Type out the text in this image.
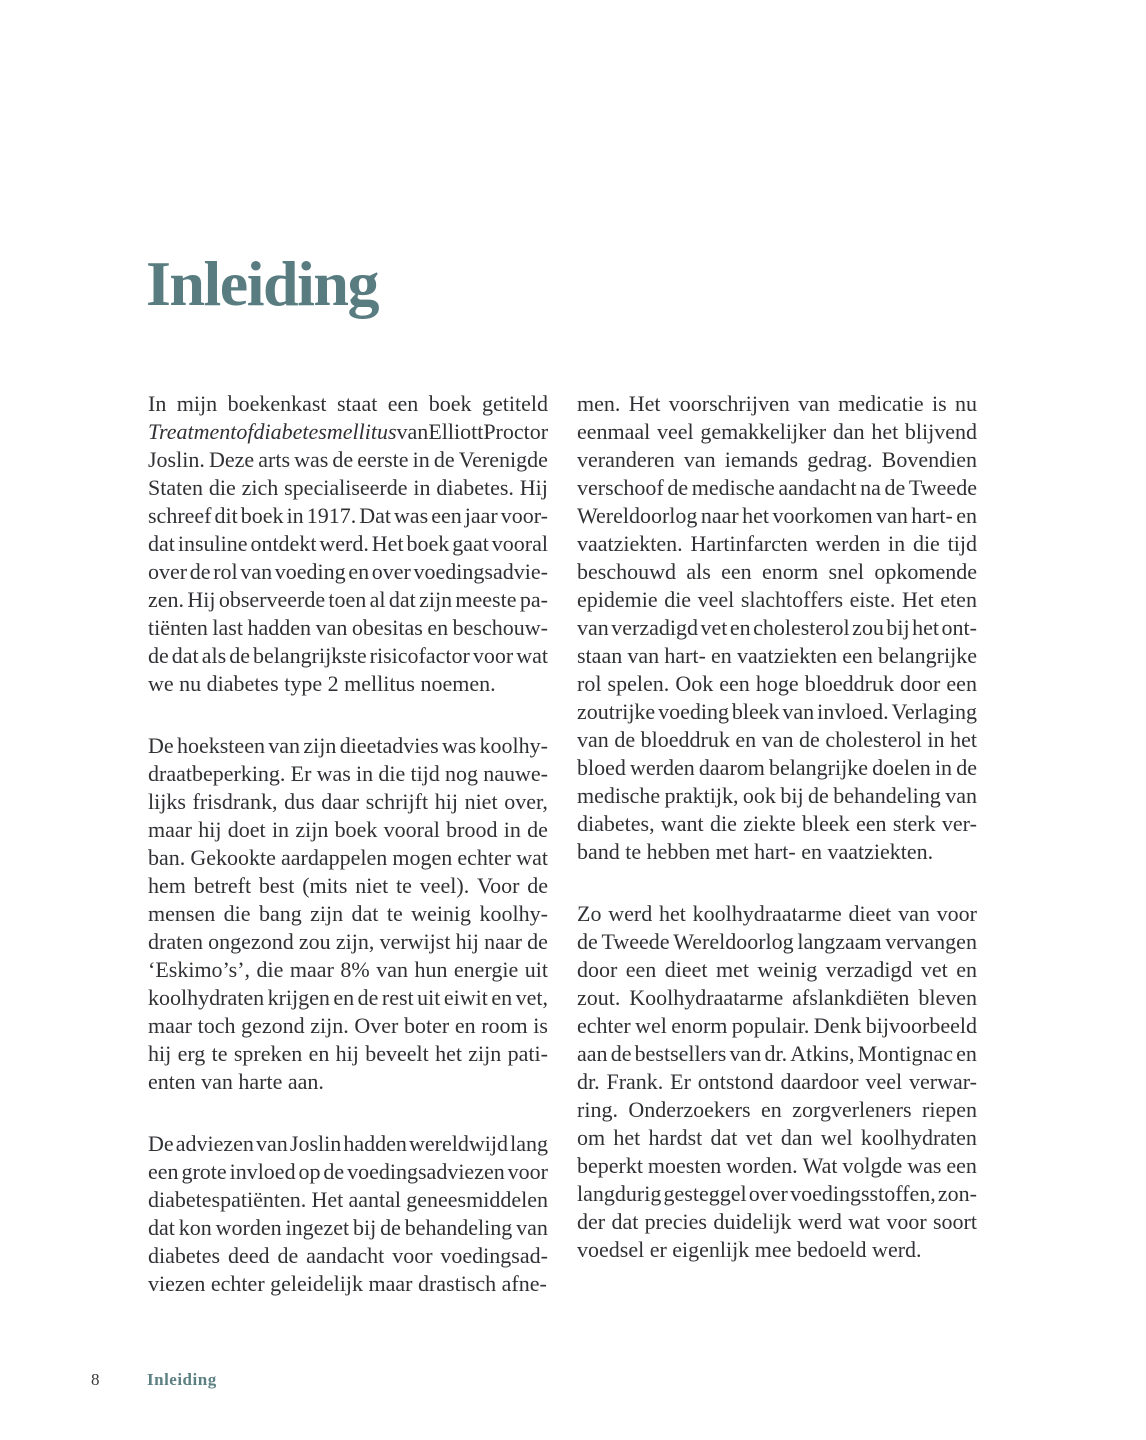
Inleiding
In mijn boekenkast staat een boek getiteld
Treatment of diabetes mellitus van Elliott Proctor
Joslin. Deze arts was de eerste in de Verenigde
Staten die zich specialiseerde in diabetes. Hij
schreef dit boek in 1917. Dat was een jaar voor-
dat insuline ontdekt werd. Het boek gaat vooral
over de rol van voeding en over voedingsadvie-
zen. Hij observeerde toen al dat zijn meeste pa-
tiënten last hadden van obesitas en beschouw-
de dat als de belangrijkste risicofactor voor wat
we nu diabetes type 2 mellitus noemen.
De hoeksteen van zijn dieetadvies was koolhy-
draatbeperking. Er was in die tijd nog nauwe-
lijks frisdrank, dus daar schrijft hij niet over,
maar hij doet in zijn boek vooral brood in de
ban. Gekookte aardappelen mogen echter wat
hem betreft best (mits niet te veel). Voor de
mensen die bang zijn dat te weinig koolhy-
draten ongezond zou zijn, verwijst hij naar de
‘Eskimo’s’, die maar 8% van hun energie uit
koolhydraten krijgen en de rest uit eiwit en vet,
maar toch gezond zijn. Over boter en room is
hij erg te spreken en hij beveelt het zijn pati-
enten van harte aan.
De adviezen van Joslin hadden wereldwijd lang
een grote invloed op de voedingsadviezen voor
diabetespatiënten. Het aantal geneesmiddelen
dat kon worden ingezet bij de behandeling van
diabetes deed de aandacht voor voedingsad-
viezen echter geleidelijk maar drastisch afne-
men. Het voorschrijven van medicatie is nu
eenmaal veel gemakkelijker dan het blijvend
veranderen van iemands gedrag. Bovendien
verschoof de medische aandacht na de Tweede
Wereldoorlog naar het voorkomen van hart- en
vaatziekten. Hartinfarcten werden in die tijd
beschouwd als een enorm snel opkomende
epidemie die veel slachtoffers eiste. Het eten
van verzadigd vet en cholesterol zou bij het ont-
staan van hart- en vaatziekten een belangrijke
rol spelen. Ook een hoge bloeddruk door een
zoutrijke voeding bleek van invloed. Verlaging
van de bloeddruk en van de cholesterol in het
bloed werden daarom belangrijke doelen in de
medische praktijk, ook bij de behandeling van
diabetes, want die ziekte bleek een sterk ver-
band te hebben met hart- en vaatziekten.
Zo werd het koolhydraatarme dieet van voor
de Tweede Wereldoorlog langzaam vervangen
door een dieet met weinig verzadigd vet en
zout. Koolhydraatarme afslankdiëten bleven
echter wel enorm populair. Denk bijvoorbeeld
aan de bestsellers van dr. Atkins, Montignac en
dr. Frank. Er ontstond daardoor veel verwar-
ring. Onderzoekers en zorgverleners riepen
om het hardst dat vet dan wel koolhydraten
beperkt moesten worden. Wat volgde was een
langdurig gesteggel over voedingsstoffen, zon-
der dat precies duidelijk werd wat voor soort
voedsel er eigenlijk mee bedoeld werd.
8	Inleiding
